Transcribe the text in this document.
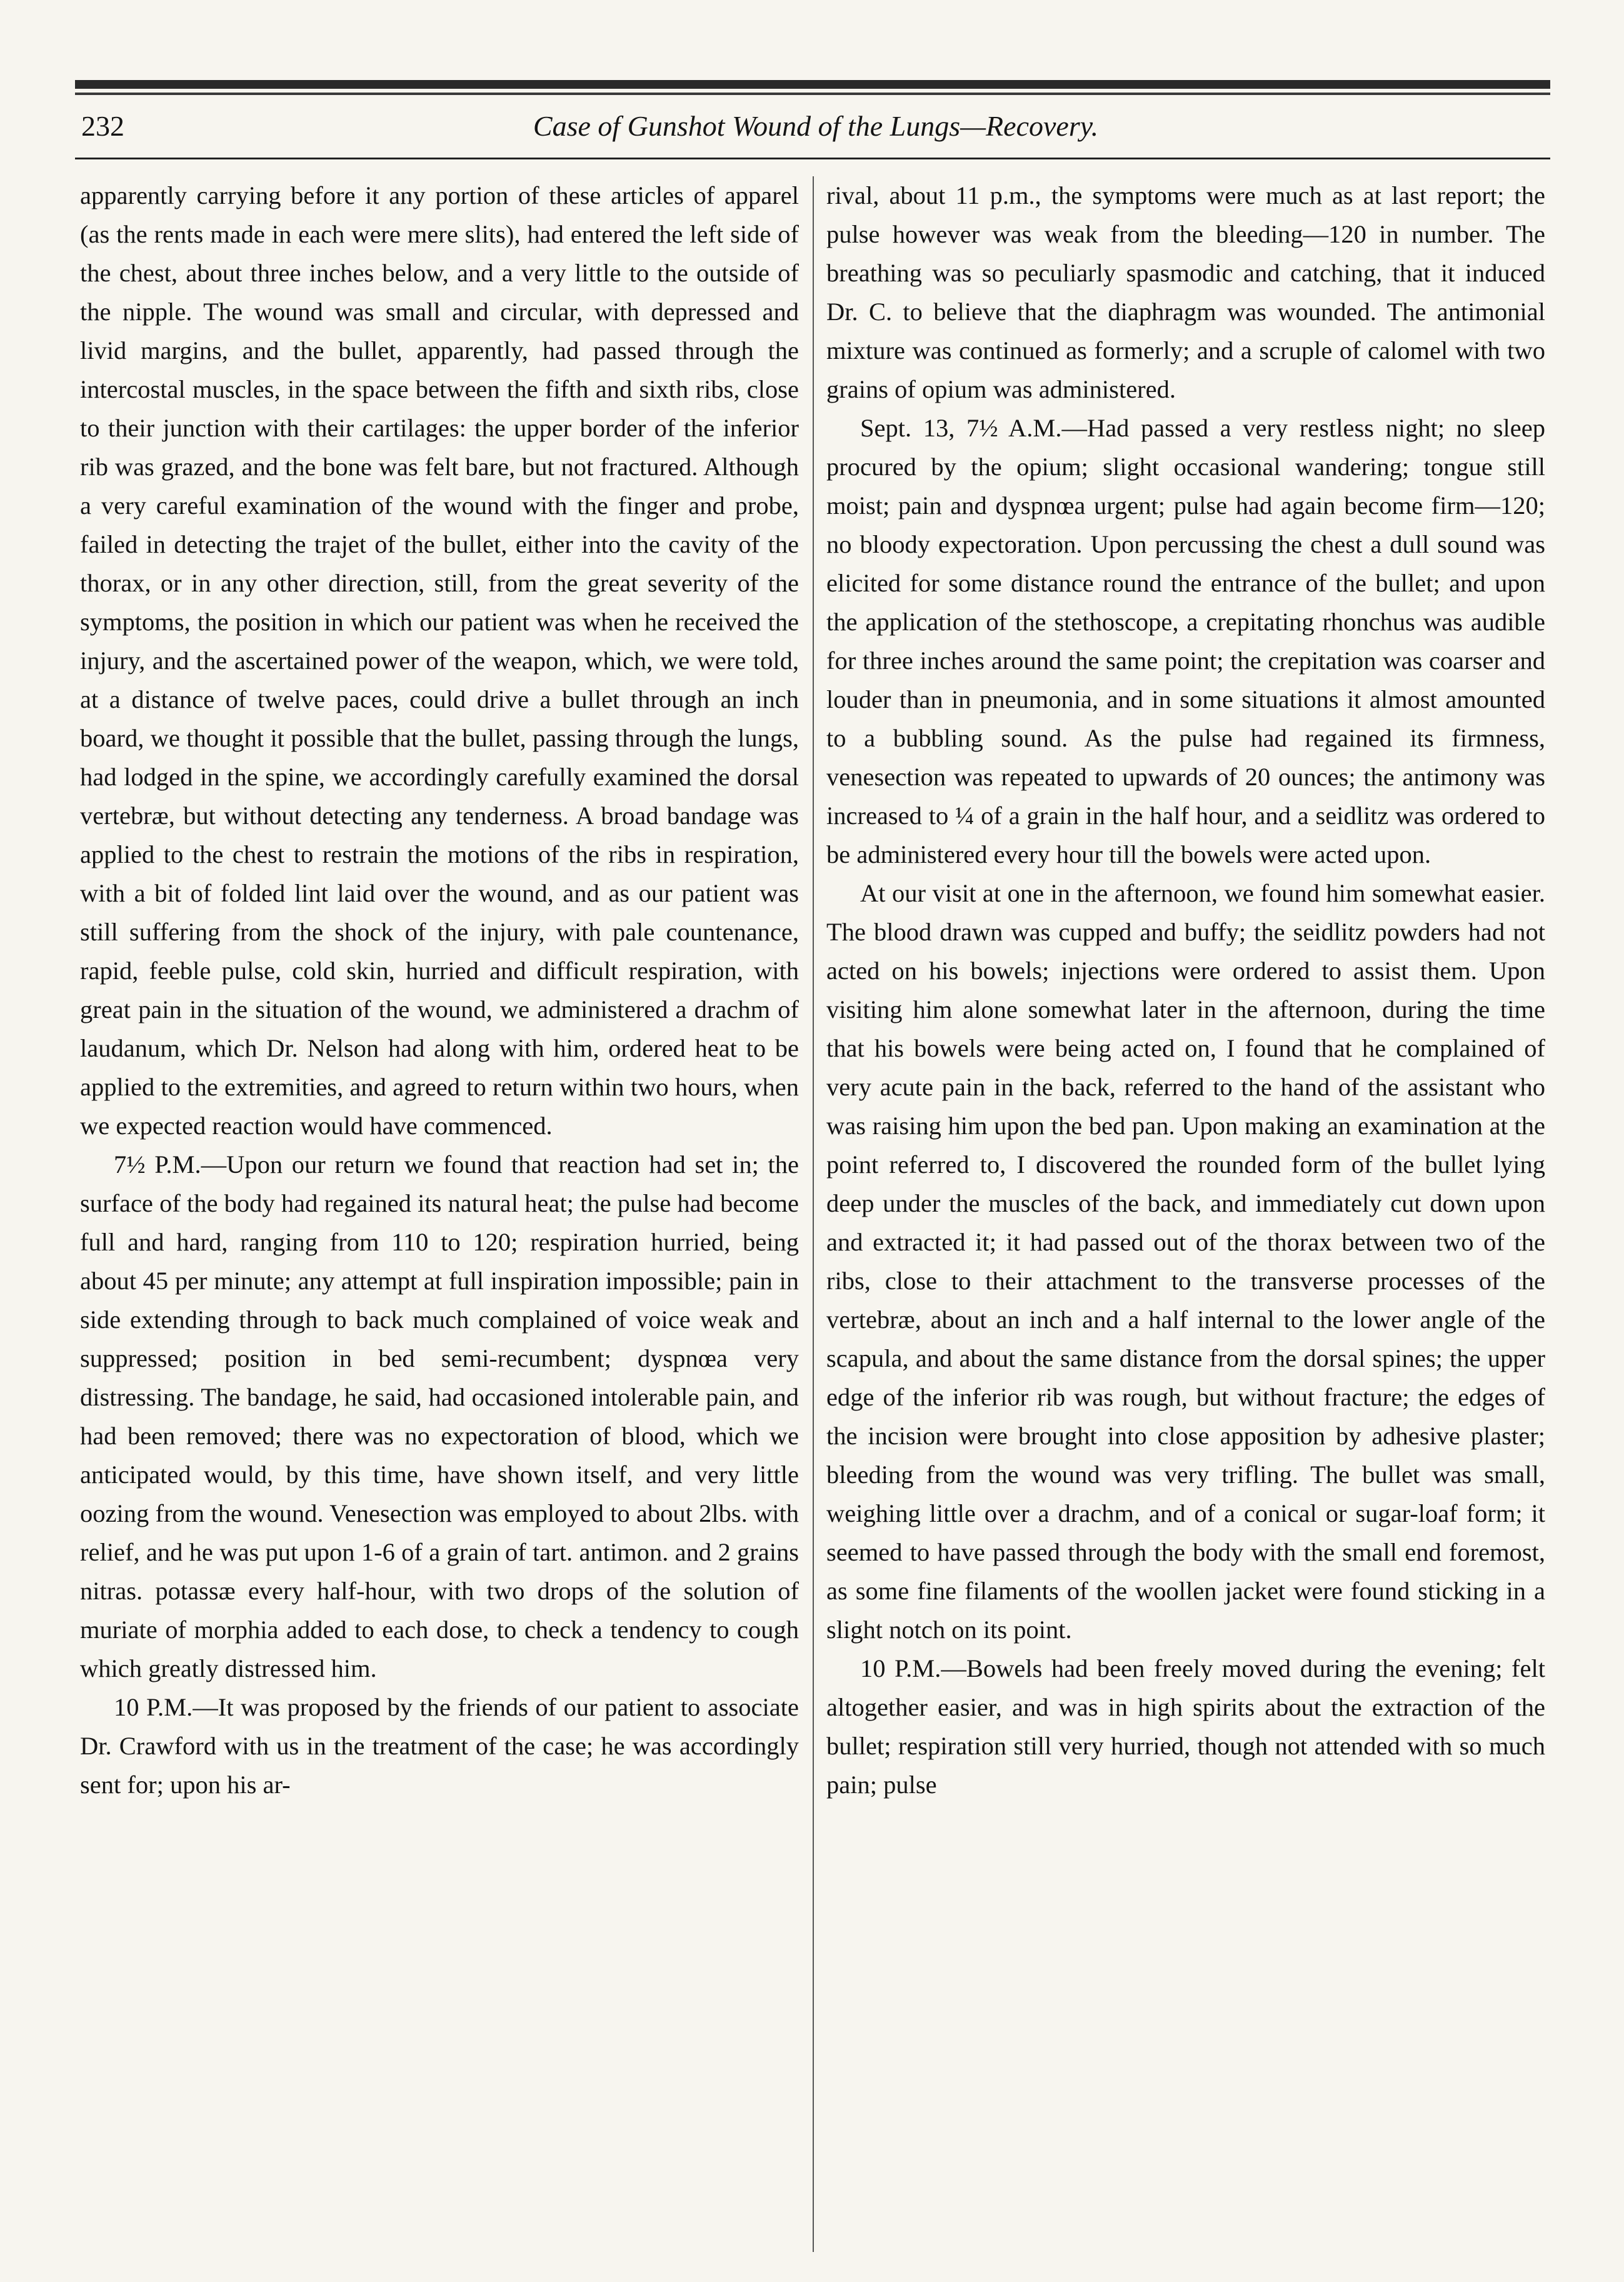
232	Case of Gunshot Wound of the Lungs—Recovery.

apparently carrying before it any portion of these articles of apparel (as the rents made in each were mere slits), had entered the left side of the chest, about three inches below, and a very little to the outside of the nipple. The wound was small and circular, with depressed and livid margins, and the bullet, apparently, had passed through the intercostal muscles, in the space between the fifth and sixth ribs, close to their junction with their cartilages: the upper border of the inferior rib was grazed, and the bone was felt bare, but not fractured. Although a very careful examination of the wound with the finger and probe, failed in detecting the trajet of the bullet, either into the cavity of the thorax, or in any other direction, still, from the great severity of the symptoms, the position in which our patient was when he received the injury, and the ascertained power of the weapon, which, we were told, at a distance of twelve paces, could drive a bullet through an inch board, we thought it possible that the bullet, passing through the lungs, had lodged in the spine, we accordingly carefully examined the dorsal vertebræ, but without detecting any tenderness. A broad bandage was applied to the chest to restrain the motions of the ribs in respiration, with a bit of folded lint laid over the wound, and as our patient was still suffering from the shock of the injury, with pale countenance, rapid, feeble pulse, cold skin, hurried and difficult respiration, with great pain in the situation of the wound, we administered a drachm of laudanum, which Dr. Nelson had along with him, ordered heat to be applied to the extremities, and agreed to return within two hours, when we expected reaction would have commenced.

7½ P.M.—Upon our return we found that reaction had set in; the surface of the body had regained its natural heat; the pulse had become full and hard, ranging from 110 to 120; respiration hurried, being about 45 per minute; any attempt at full inspiration impossible; pain in side extending through to back much complained of voice weak and suppressed; position in bed semi-recumbent; dyspnœa very distressing. The bandage, he said, had occasioned intolerable pain, and had been removed; there was no expectoration of blood, which we anticipated would, by this time, have shown itself, and very little oozing from the wound. Venesection was employed to about 2lbs. with relief, and he was put upon 1-6 of a grain of tart. antimon. and 2 grains nitras. potassæ every half-hour, with two drops of the solution of muriate of morphia added to each dose, to check a tendency to cough which greatly distressed him.

10 P.M.—It was proposed by the friends of our patient to associate Dr. Crawford with us in the treatment of the case; he was accordingly sent for; upon his ar-

rival, about 11 p.m., the symptoms were much as at last report; the pulse however was weak from the bleeding—120 in number. The breathing was so peculiarly spasmodic and catching, that it induced Dr. C. to believe that the diaphragm was wounded. The antimonial mixture was continued as formerly; and a scruple of calomel with two grains of opium was administered.

Sept. 13, 7½ A.M.—Had passed a very restless night; no sleep procured by the opium; slight occasional wandering; tongue still moist; pain and dyspnœa urgent; pulse had again become firm—120; no bloody expectoration. Upon percussing the chest a dull sound was elicited for some distance round the entrance of the bullet; and upon the application of the stethoscope, a crepitating rhonchus was audible for three inches around the same point; the crepitation was coarser and louder than in pneumonia, and in some situations it almost amounted to a bubbling sound. As the pulse had regained its firmness, venesection was repeated to upwards of 20 ounces; the antimony was increased to ¼ of a grain in the half hour, and a seidlitz was ordered to be administered every hour till the bowels were acted upon.

At our visit at one in the afternoon, we found him somewhat easier. The blood drawn was cupped and buffy; the seidlitz powders had not acted on his bowels; injections were ordered to assist them. Upon visiting him alone somewhat later in the afternoon, during the time that his bowels were being acted on, I found that he complained of very acute pain in the back, referred to the hand of the assistant who was raising him upon the bed pan. Upon making an examination at the point referred to, I discovered the rounded form of the bullet lying deep under the muscles of the back, and immediately cut down upon and extracted it; it had passed out of the thorax between two of the ribs, close to their attachment to the transverse processes of the vertebræ, about an inch and a half internal to the lower angle of the scapula, and about the same distance from the dorsal spines; the upper edge of the inferior rib was rough, but without fracture; the edges of the incision were brought into close apposition by adhesive plaster; bleeding from the wound was very trifling. The bullet was small, weighing little over a drachm, and of a conical or sugar-loaf form; it seemed to have passed through the body with the small end foremost, as some fine filaments of the woollen jacket were found sticking in a slight notch on its point.

10 P.M.—Bowels had been freely moved during the evening; felt altogether easier, and was in high spirits about the extraction of the bullet; respiration still very hurried, though not attended with so much pain; pulse
